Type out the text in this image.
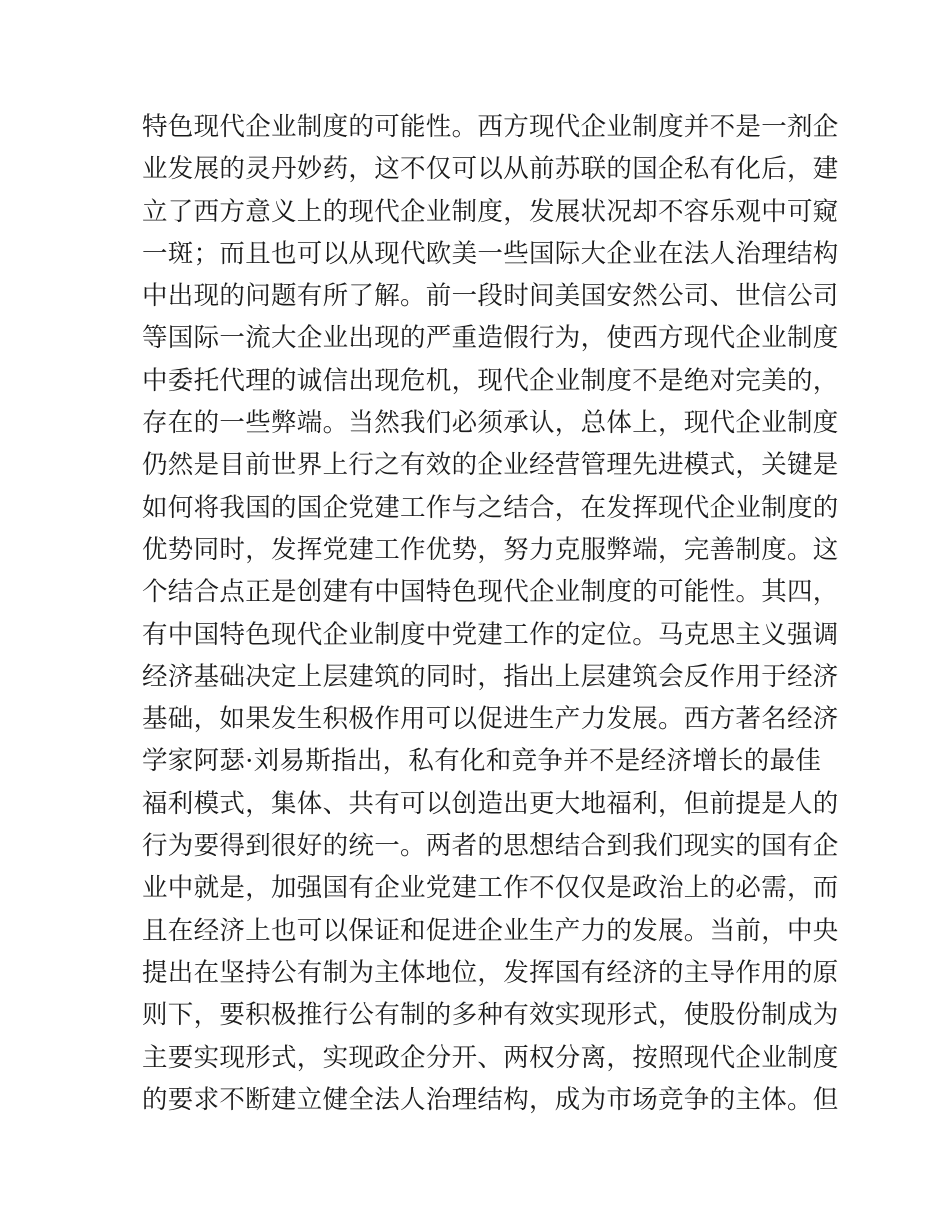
特色现代企业制度的可能性。西方现代企业制度并不是一剂企
业发展的灵丹妙药，这不仅可以从前苏联的国企私有化后，建
立了西方意义上的现代企业制度，发展状况却不容乐观中可窥
一斑；而且也可以从现代欧美一些国际大企业在法人治理结构
中出现的问题有所了解。前一段时间美国安然公司、世信公司
等国际一流大企业出现的严重造假行为，使西方现代企业制度
中委托代理的诚信出现危机，现代企业制度不是绝对完美的，
存在的一些弊端。当然我们必须承认，总体上，现代企业制度
仍然是目前世界上行之有效的企业经营管理先进模式，关键是
如何将我国的国企党建工作与之结合，在发挥现代企业制度的
优势同时，发挥党建工作优势，努力克服弊端，完善制度。这
个结合点正是创建有中国特色现代企业制度的可能性。其四，
有中国特色现代企业制度中党建工作的定位。马克思主义强调
经济基础决定上层建筑的同时，指出上层建筑会反作用于经济
基础，如果发生积极作用可以促进生产力发展。西方著名经济
学家阿瑟·刘易斯指出，私有化和竞争并不是经济增长的最佳
福利模式，集体、共有可以创造出更大地福利，但前提是人的
行为要得到很好的统一。两者的思想结合到我们现实的国有企
业中就是，加强国有企业党建工作不仅仅是政治上的必需，而
且在经济上也可以保证和促进企业生产力的发展。当前，中央
提出在坚持公有制为主体地位，发挥国有经济的主导作用的原
则下，要积极推行公有制的多种有效实现形式，使股份制成为
主要实现形式，实现政企分开、两权分离，按照现代企业制度
的要求不断建立健全法人治理结构，成为市场竞争的主体。但
